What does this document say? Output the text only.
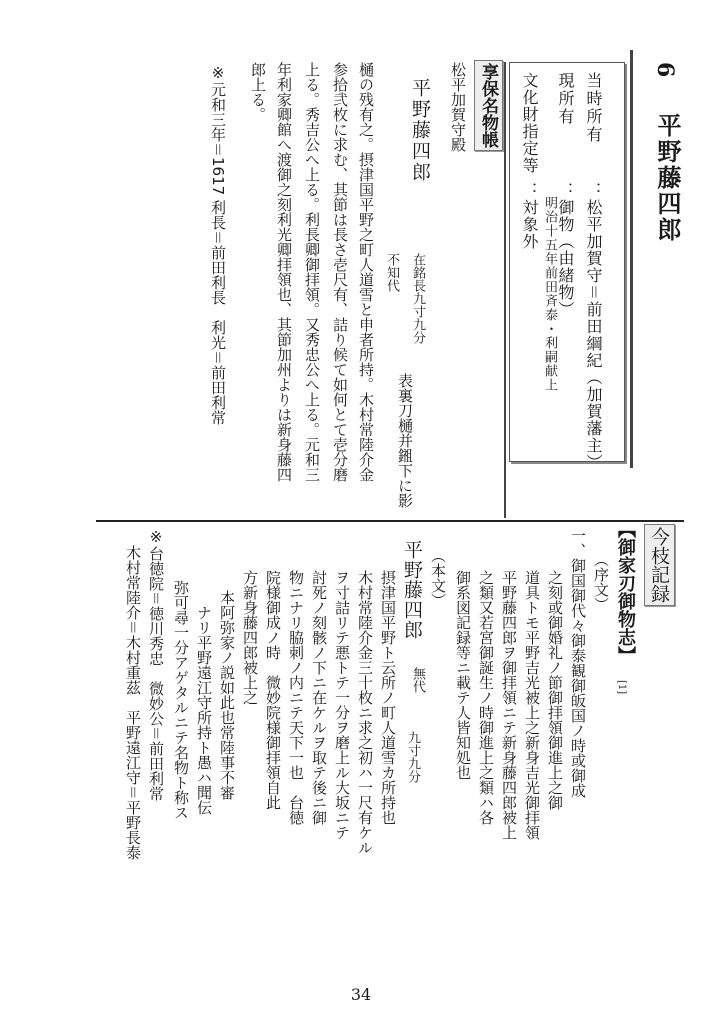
6
平野藤四郎
当時所有
：松平加賀守＝前田綱紀（加賀藩主）
現所有
：御物（由緒物）
明治十五年前田斉泰・利嗣献上
文化財指定等
：対象外
享保名物帳
松平加賀守殿
平野藤四郎
在銘長九寸九分
不知代
表裏刀樋并鎺下に影
樋の残有之。摂津国平野之町人道雪と申者所持。木村常陸介金
参拾弐枚に求む、其節は長さ壱尺有、詰り候て如何とて壱分磨
上る。秀吉公へ上る。利長卿御拝領。又秀忠公へ上る。元和三
年利家卿館へ渡御之刻利光卿拝領也、其節加州よりは新身藤四
郎上る。
※元和三年＝1617 利長＝前田利長　利光＝前田利常
今枝記録
【御家刃御物志】
[1]
（序文）
一、御国御代々御泰観御皈国ノ時或御成
之刻或御婚礼ノ節御拝領御進上之御
道具トモ平野吉光被上之新身吉光御拝領
平野藤四郎ヲ御拝領ニテ新身藤四郎被上
之類又若宮御誕生ノ時御進上之類ハ各
御系図記録等ニ載テ人皆知処也
（本文）
平野藤四郎
無代
九寸九分
摂津国平野ト云所ノ町人道雪カ所持也
木村常陸介金三十枚ニ求之初ハ一尺有ケル
ヲ寸詰リテ悪トテ一分ヲ磨上ル大坂ニテ
討死ノ刻骸ノ下ニ在ケルヲ取テ後ニ御
物ニナリ脇刺ノ内ニテ天下一也　台徳
院様御成ノ時　微妙院様御拝領自此
方新身藤四郎被上之
本阿弥家ノ説如此也常陸事不審
ナリ平野遠江守所持ト愚ハ聞伝
弥可尋一分アゲタルニテ名物ト称ス
※台徳院＝徳川秀忠　微妙公＝前田利常
木村常陸介＝木村重茲　平野遠江守＝平野長泰
34
